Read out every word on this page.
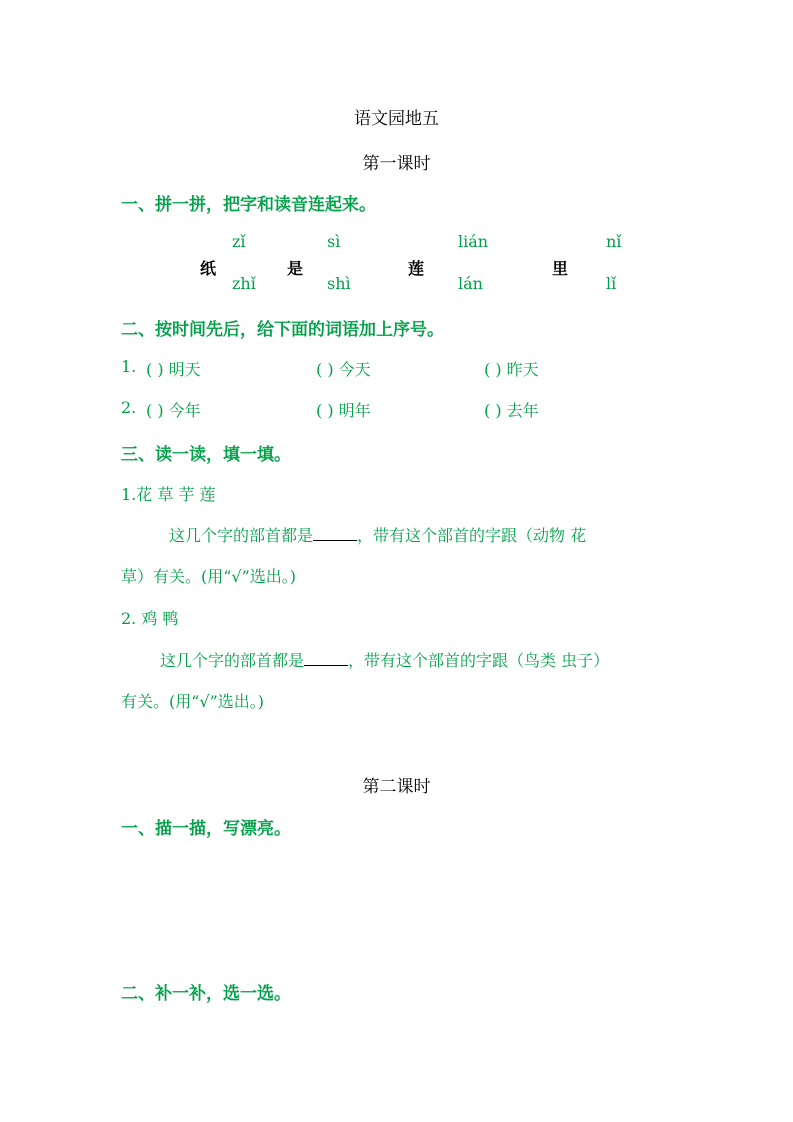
语文园地五
第一课时
一、拼一拼，把字和读音连起来。
zǐ	sì	lián	nǐ
纸	是	莲	里
zhǐ	shì	lán	lǐ
二、按时间先后，给下面的词语加上序号。
1. ( ) 明天	( ) 今天	( ) 昨天
2. ( ) 今年	( ) 明年	( ) 去年
三、读一读，填一填。
1.花 草 芋 莲
这几个字的部首都是	，带有这个部首的字跟（动物 花
草）有关。(用“√”选出。)
2. 鸡 鸭
这几个字的部首都是	，带有这个部首的字跟（鸟类 虫子）
有关。(用“√”选出。)
第二课时
一、描一描，写漂亮。
二、补一补，选一选。
